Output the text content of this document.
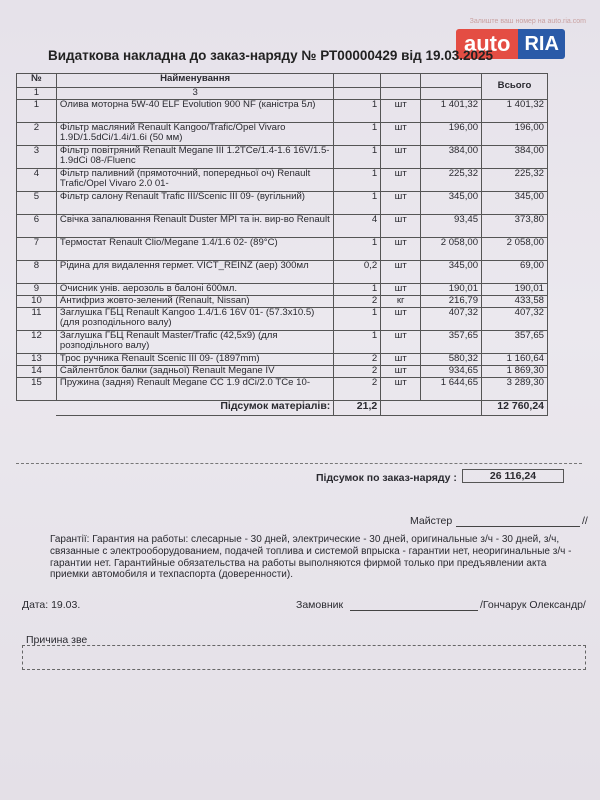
Залиште ваш номер на auto.ria.com
auto RIA
Видаткова накладна до заказ-наряду № РТ00000429 від 19.03.2025
№	Найменування				Всього
1	3				
1	Олива моторна 5W-40 ELF Evolution 900 NF (каністра 5л)	1	шт	1 401,32	1 401,32
2	Фільтр масляний Renault Kangoo/Trafic/Opel Vivaro 1.9D/1.5dCi/1.4i/1.6i (50 мм)	1	шт	196,00	196,00
3	Фільтр повітряний Renault Megane III 1.2TCe/1.4-1.6 16V/1.5-1.9dCi 08-/Fluenc	1	шт	384,00	384,00
4	Фільтр паливний (прямоточний, попередньої оч) Renault Trafic/Opel Vivaro 2.0 01-	1	шт	225,32	225,32
5	Фільтр салону Renault Trafic III/Scenic III 09- (вугільний)	1	шт	345,00	345,00
6	Свічка запалювання Renault Duster MPI та ін. вир-во Renault	4	шт	93,45	373,80
7	Термостат Renault Clio/Megane 1.4/1.6 02- (89°C)	1	шт	2 058,00	2 058,00
8	Рідина для видалення гермет. VICT_REINZ (аер) 300мл	0,2	шт	345,00	69,00
9	Очисник унів. аерозоль в балоні 600мл.	1	шт	190,01	190,01
10	Антифриз жовто-зелений (Renault, Nissan)	2	кг	216,79	433,58
11	Заглушка ГБЦ Renault Kangoo 1.4/1.6 16V 01- (57.3x10.5) (для розподільного валу)	1	шт	407,32	407,32
12	Заглушка ГБЦ Renault Master/Trafic (42,5x9) (для розподільного валу)	1	шт	357,65	357,65
13	Трос ручника Renault Scenic III 09- (1897mm)	2	шт	580,32	1 160,64
14	Сайлентблок балки (задньої) Renault Megane IV	2	шт	934,65	1 869,30
15	Пружина (задня) Renault Megane CC 1.9 dCi/2.0 TCe 10-	2	шт	1 644,65	3 289,30
	Підсумок матеріалів:	21,2			12 760,24
Підсумок по заказ-наряду :	26 116,24
Майстер	//
Гарантії: Гарантия на работы: слесарные - 30 дней, электрические - 30 дней, оригинальные з/ч - 30 дней, з/ч, связанные с электрооборудованием, подачей топлива и системой впрыска - гарантии нет, неоригинальные з/ч - гарантии нет. Гарантийные обязательства на работы выполняются фирмой только при предъявлении акта приемки автомобиля и техпаспорта (доверенности).
Дата: 19.03.	Замовник	/Гончарук Олександр/
Причина зве
